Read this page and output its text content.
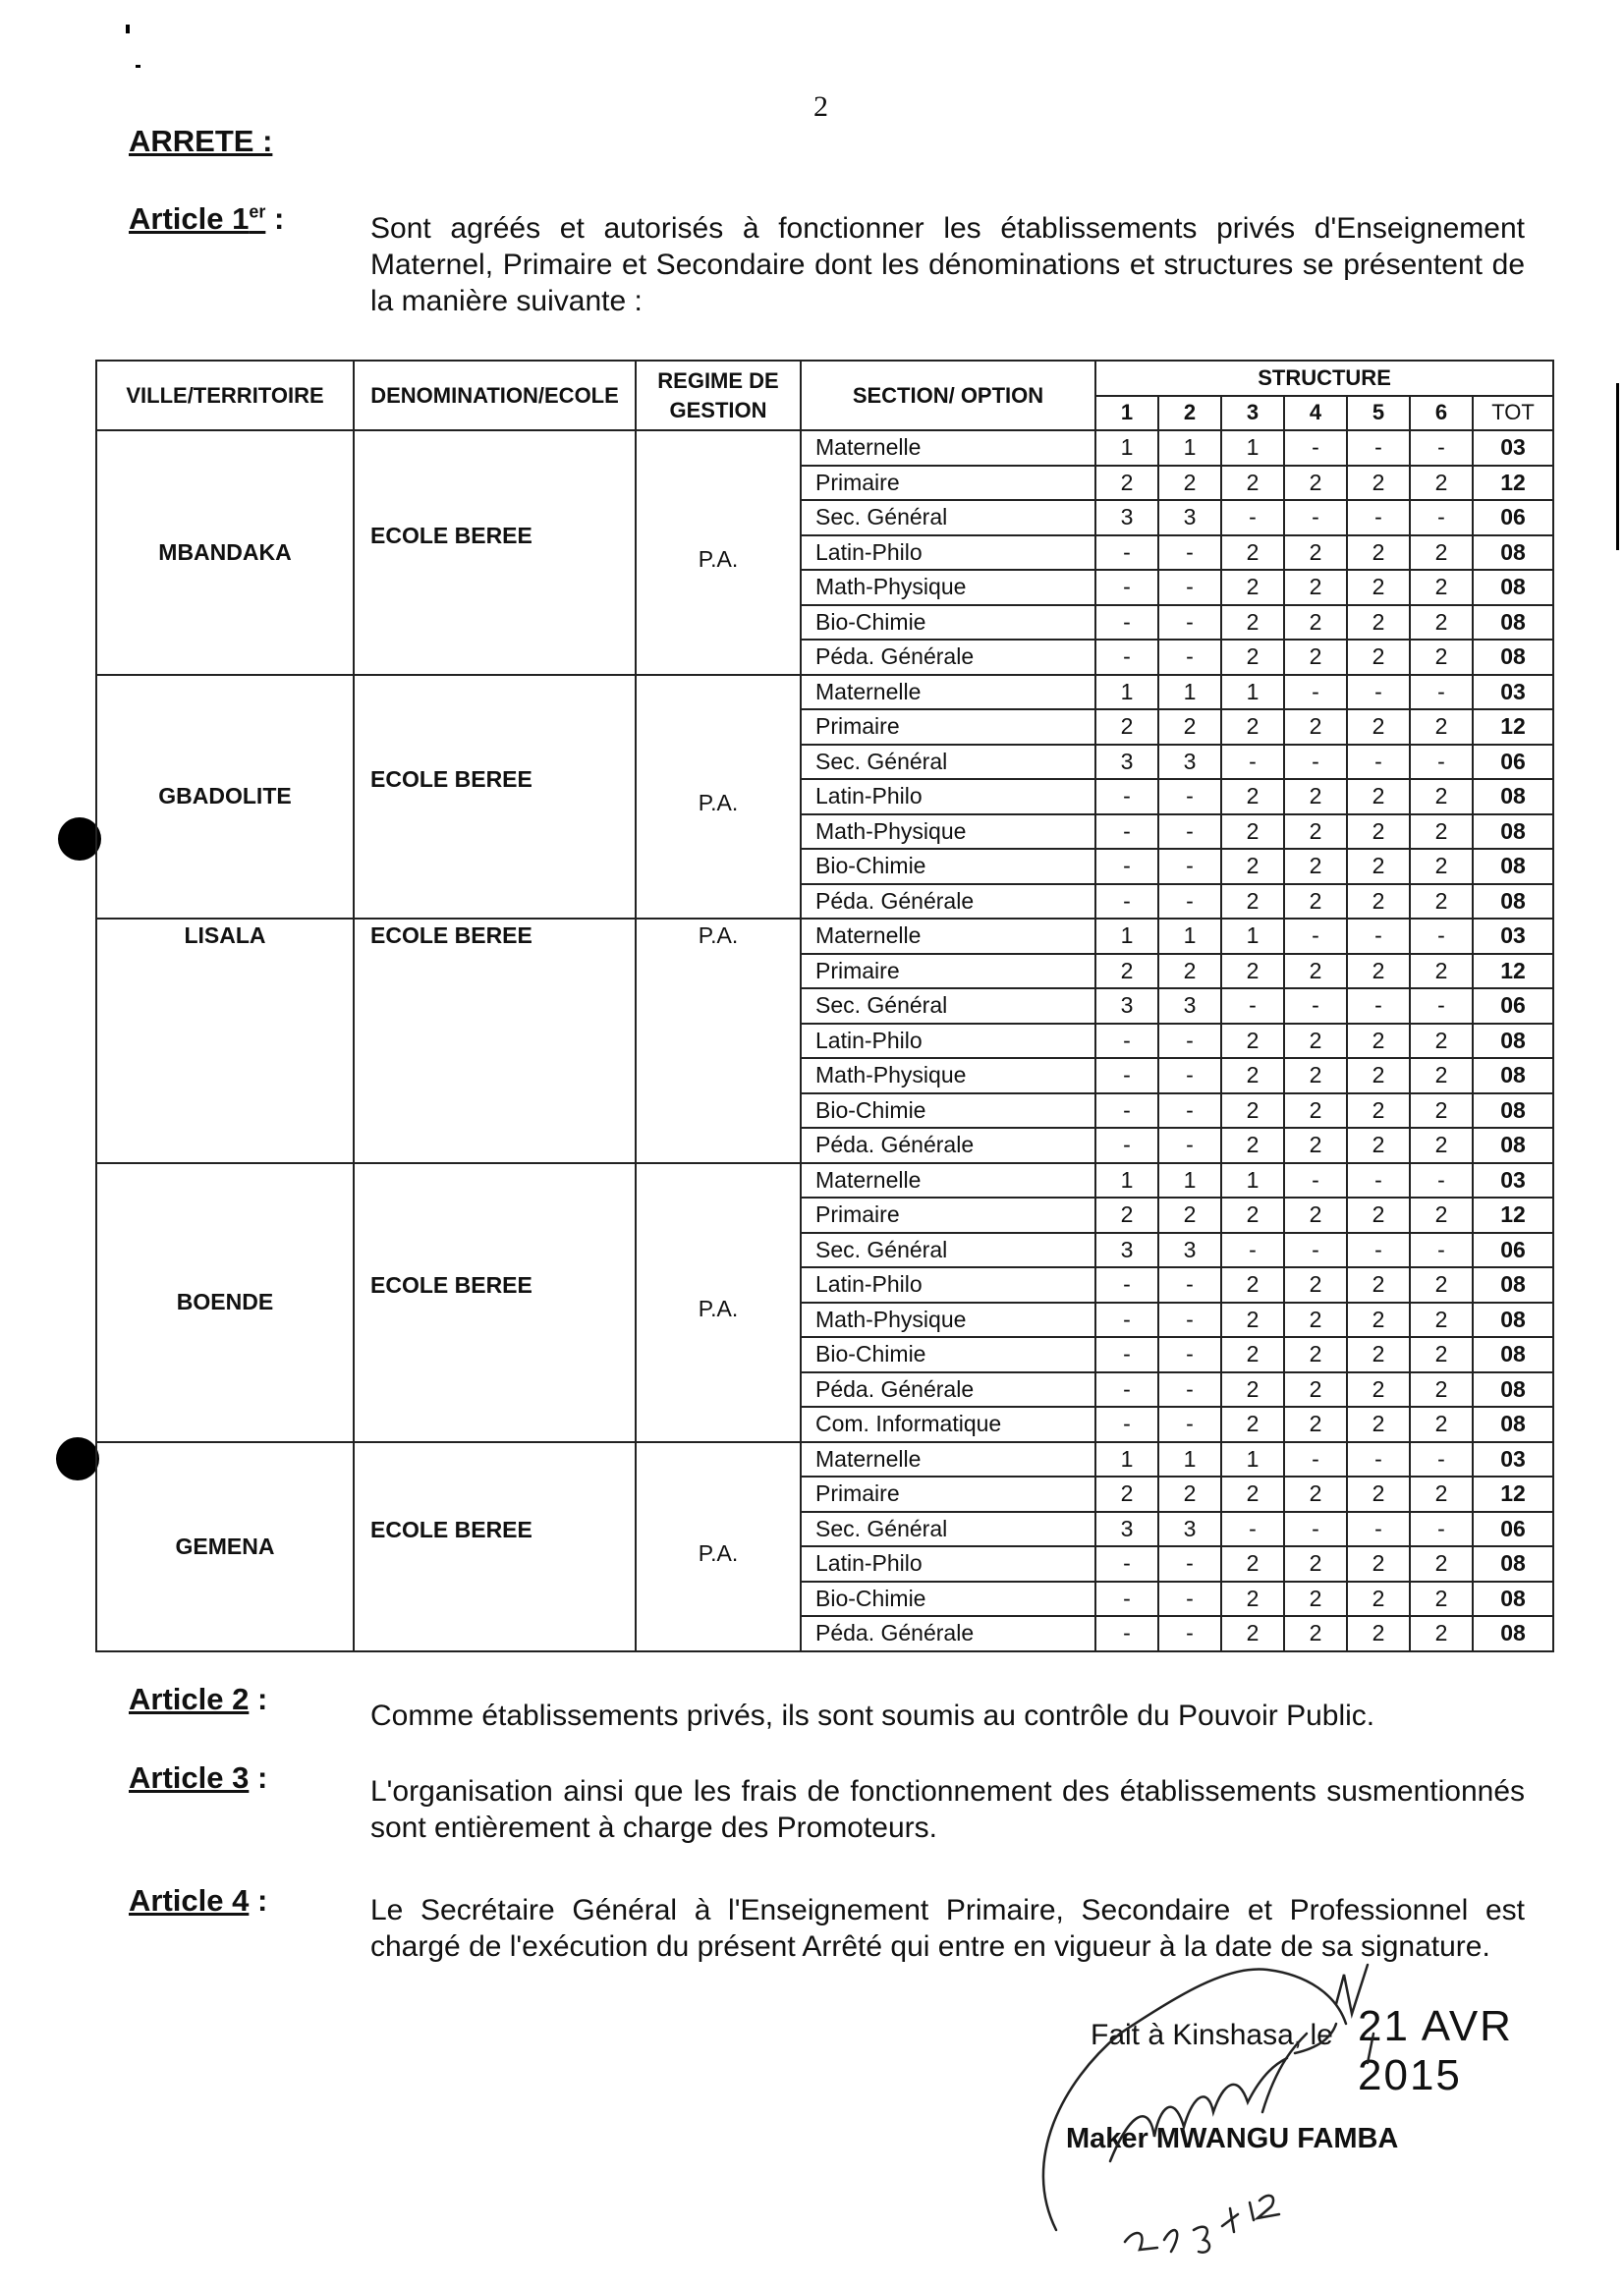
2
ARRETE :
Article 1er :	Sont agréés et autorisés à fonctionner les établissements privés d'Enseignement Maternel, Primaire et Secondaire dont les dénominations et structures se présentent de la manière suivante :
VILLE/TERRITOIRE	DENOMINATION/ECOLE	REGIME DE GESTION	SECTION/ OPTION	STRUCTURE						
				1	2	3	4	5	6	TOT
MBANDAKA	ECOLE BEREE	P.A.	Maternelle	1	1	1	-	-	-	03
			Primaire	2	2	2	2	2	2	12
			Sec. Général	3	3	-	-	-	-	06
			Latin-Philo	-	-	2	2	2	2	08
			Math-Physique	-	-	2	2	2	2	08
			Bio-Chimie	-	-	2	2	2	2	08
			Péda. Générale	-	-	2	2	2	2	08
GBADOLITE	ECOLE BEREE	P.A.	Maternelle	1	1	1	-	-	-	03
			Primaire	2	2	2	2	2	2	12
			Sec. Général	3	3	-	-	-	-	06
			Latin-Philo	-	-	2	2	2	2	08
			Math-Physique	-	-	2	2	2	2	08
			Bio-Chimie	-	-	2	2	2	2	08
			Péda. Générale	-	-	2	2	2	2	08
LISALA	ECOLE BEREE	P.A.	Maternelle	1	1	1	-	-	-	03
			Primaire	2	2	2	2	2	2	12
			Sec. Général	3	3	-	-	-	-	06
			Latin-Philo	-	-	2	2	2	2	08
			Math-Physique	-	-	2	2	2	2	08
			Bio-Chimie	-	-	2	2	2	2	08
			Péda. Générale	-	-	2	2	2	2	08
BOENDE	ECOLE BEREE	P.A.	Maternelle	1	1	1	-	-	-	03
			Primaire	2	2	2	2	2	2	12
			Sec. Général	3	3	-	-	-	-	06
			Latin-Philo	-	-	2	2	2	2	08
			Math-Physique	-	-	2	2	2	2	08
			Bio-Chimie	-	-	2	2	2	2	08
			Péda. Générale	-	-	2	2	2	2	08
			Com. Informatique	-	-	2	2	2	2	08
GEMENA	ECOLE BEREE	P.A.	Maternelle	1	1	1	-	-	-	03
			Primaire	2	2	2	2	2	2	12
			Sec. Général	3	3	-	-	-	-	06
			Latin-Philo	-	-	2	2	2	2	08
			Bio-Chimie	-	-	2	2	2	2	08
			Péda. Générale	-	-	2	2	2	2	08
Article 2 :	Comme établissements privés, ils sont soumis au contrôle du Pouvoir Public.
Article 3 :	L'organisation ainsi que les frais de fonctionnement des établissements susmentionnés sont entièrement à charge des Promoteurs.
Article 4 :	Le Secrétaire Général à l'Enseignement Primaire, Secondaire et Professionnel est chargé de l'exécution du présent Arrêté qui entre en vigueur à la date de sa signature.
Fait à Kinshasa, le 21 AVR 2015
Maker MWANGU FAMBA
